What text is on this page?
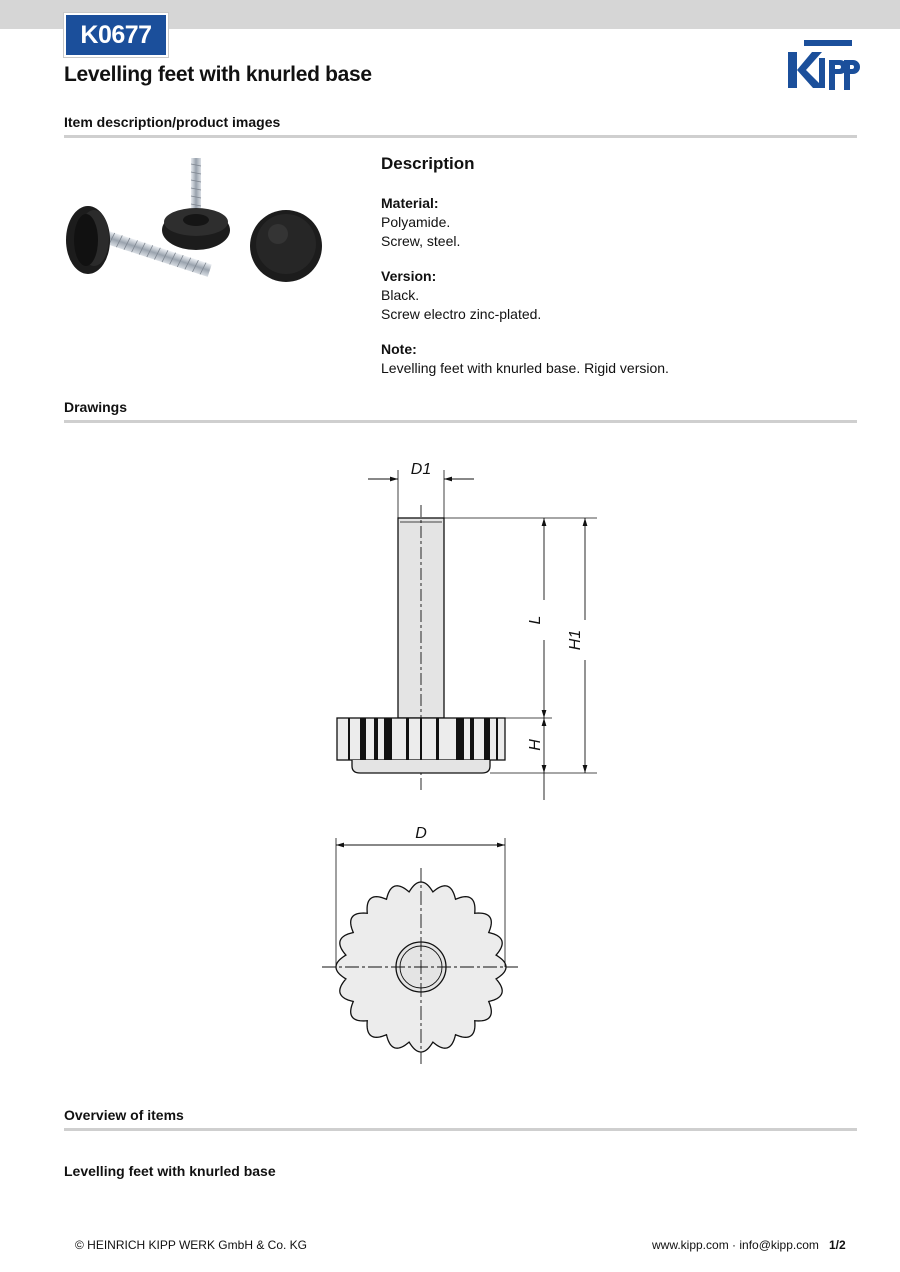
K0677
Levelling feet with knurled base
Item description/product images
Description
Material:
Polyamide.
Screw, steel.
Version:
Black.
Screw electro zinc-plated.
Note:
Levelling feet with knurled base. Rigid version.
Drawings
D1
L
H1
H
D
Overview of items
Levelling feet with knurled base
© HEINRICH KIPP WERK GmbH & Co. KG	www.kipp.com · info@kipp.com 1/2
